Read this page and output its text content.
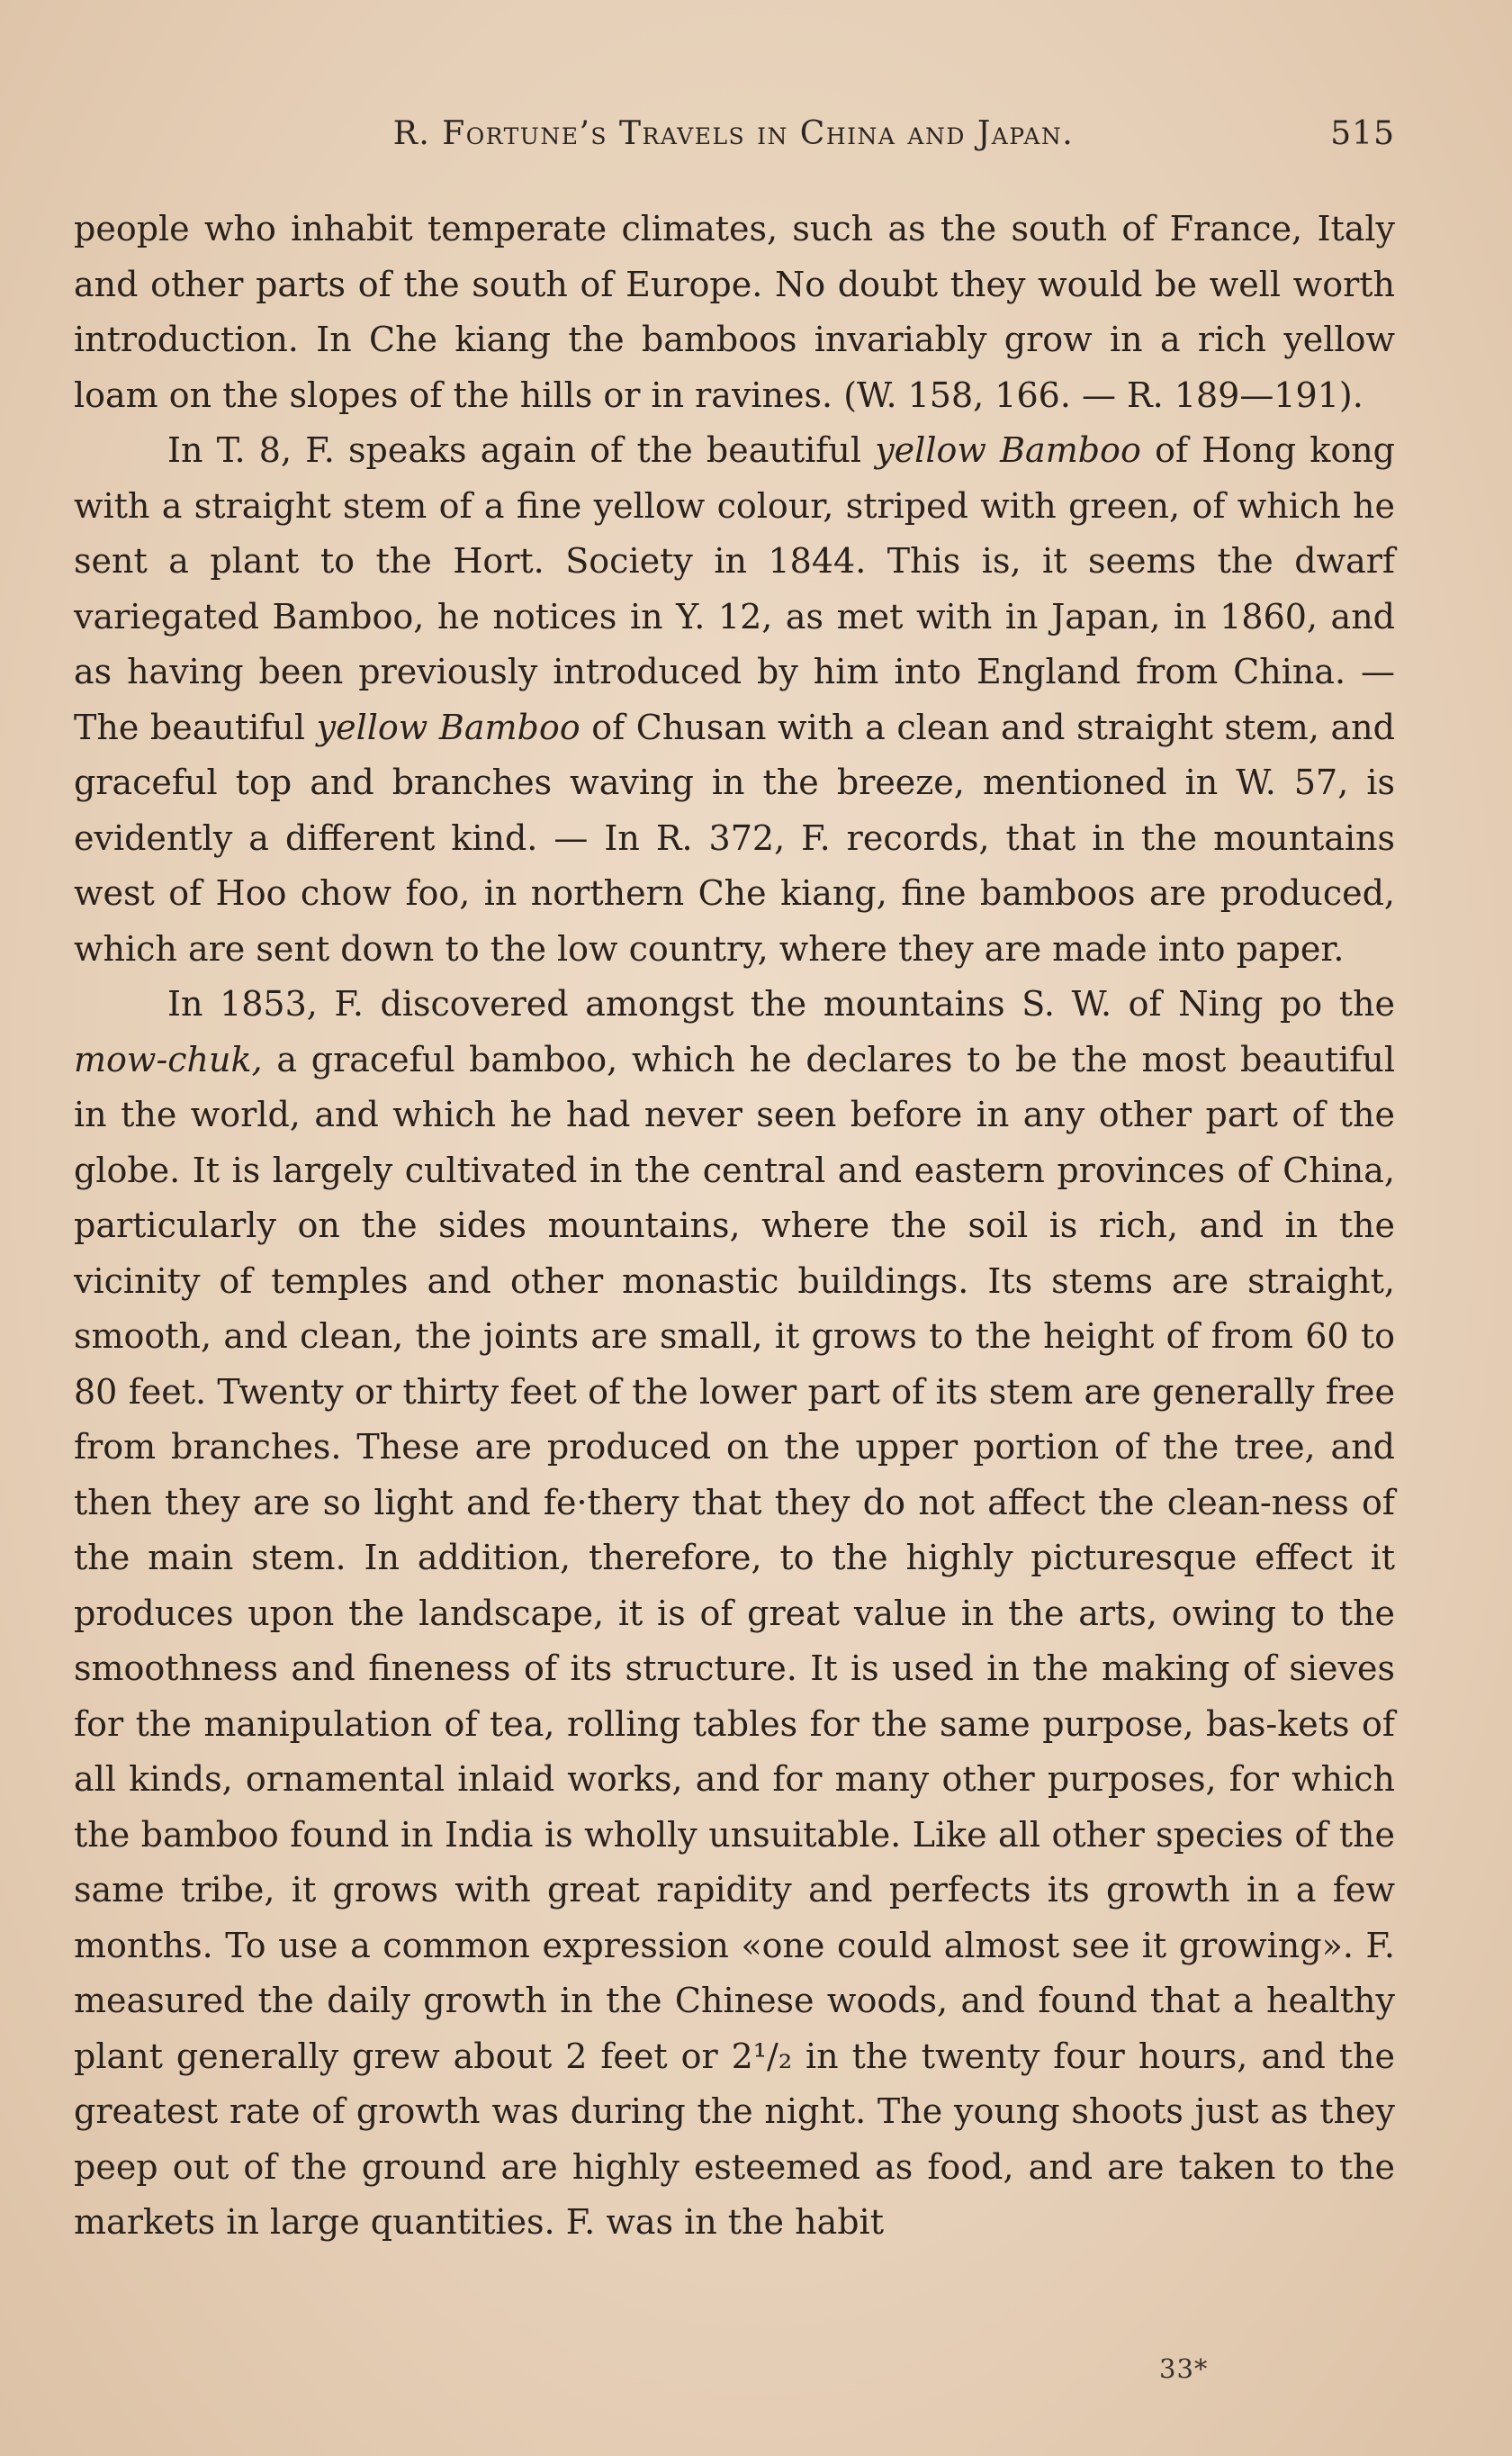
R. Fortune’s Travels in China and Japan.	515

people who inhabit temperate climates, such as the south of France, Italy and other parts of the south of Europe. No doubt they would be well worth introduction. In Che kiang the bamboos invariably grow in a rich yellow loam on the slopes of the hills or in ravines. (W. 158, 166. — R. 189—191).

In T. 8, F. speaks again of the beautiful yellow Bamboo of Hong kong with a straight stem of a fine yellow colour, striped with green, of which he sent a plant to the Hort. Society in 1844. This is, it seems the dwarf variegated Bamboo, he notices in Y. 12, as met with in Japan, in 1860, and as having been previously introduced by him into England from China. — The beautiful yellow Bamboo of Chusan with a clean and straight stem, and graceful top and branches waving in the breeze, mentioned in W. 57, is evidently a different kind. — In R. 372, F. records, that in the mountains west of Hoo chow foo, in northern Che kiang, fine bamboos are produced, which are sent down to the low country, where they are made into paper.

In 1853, F. discovered amongst the mountains S. W. of Ning po the mow-chuk, a graceful bamboo, which he declares to be the most beautiful in the world, and which he had never seen before in any other part of the globe. It is largely cultivated in the central and eastern provinces of China, particularly on the sides mountains, where the soil is rich, and in the vicinity of temples and other monastic buildings. Its stems are straight, smooth, and clean, the joints are small, it grows to the height of from 60 to 80 feet. Twenty or thirty feet of the lower part of its stem are generally free from branches. These are produced on the upper portion of the tree, and then they are so light and fe·thery that they do not affect the clean-ness of the main stem. In addition, therefore, to the highly picturesque effect it produces upon the landscape, it is of great value in the arts, owing to the smoothness and fineness of its structure. It is used in the making of sieves for the manipulation of tea, rolling tables for the same purpose, bas-kets of all kinds, ornamental inlaid works, and for many other purposes, for which the bamboo found in India is wholly unsuitable. Like all other species of the same tribe, it grows with great rapidity and perfects its growth in a few months. To use a common expression «one could almost see it growing». F. measured the daily growth in the Chinese woods, and found that a healthy plant generally grew about 2 feet or 2¹/₂ in the twenty four hours, and the greatest rate of growth was during the night. The young shoots just as they peep out of the ground are highly esteemed as food, and are taken to the markets in large quantities. F. was in the habit

33*
